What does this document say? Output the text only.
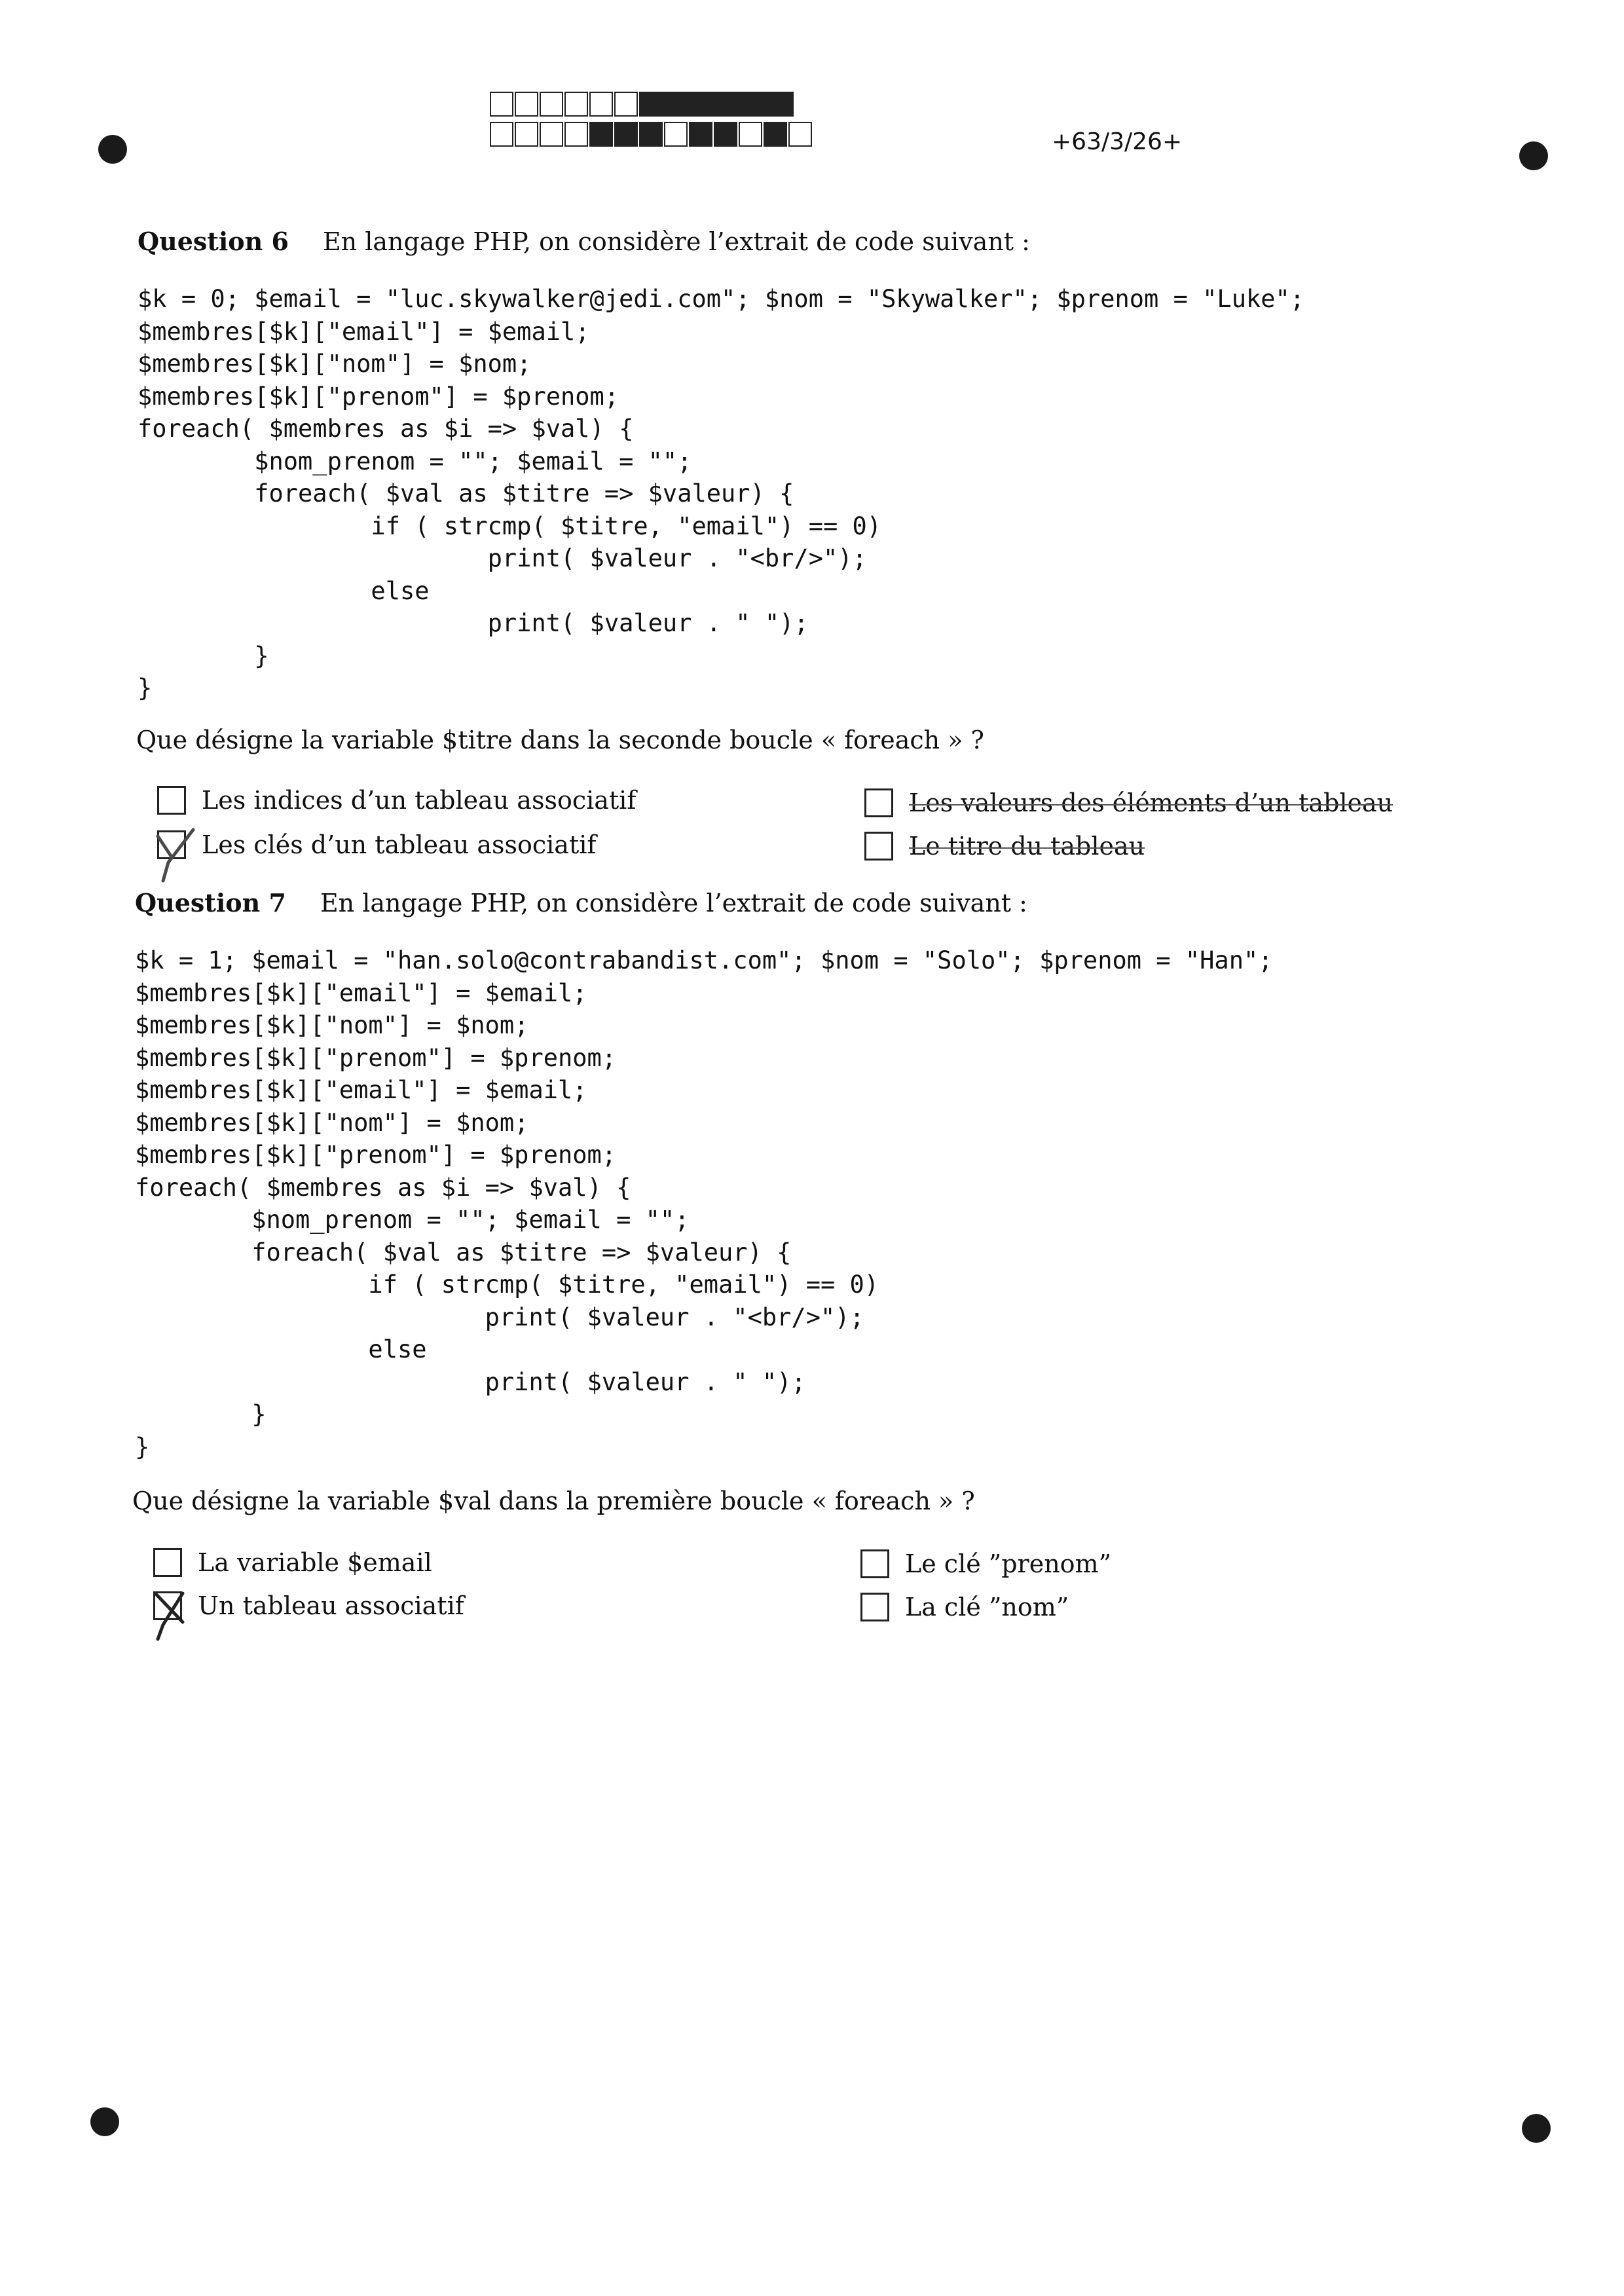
+63/3/26+
Question 6 En langage PHP, on considère l’extrait de code suivant :
$k = 0; $email = "luc.skywalker@jedi.com"; $nom = "Skywalker"; $prenom = "Luke";
$membres[$k]["email"] = $email;
$membres[$k]["nom"] = $nom;
$membres[$k]["prenom"] = $prenom;
foreach( $membres as $i => $val) {
$nom_prenom = ""; $email = "";
foreach( $val as $titre => $valeur) {
if ( strcmp( $titre, "email") == 0)
print( $valeur . "<br/>");
else
print( $valeur . " ");
}
}
Que désigne la variable $titre dans la seconde boucle « foreach » ?
Les indices d’un tableau associatif	Les valeurs des éléments d’un tableau
Les clés d’un tableau associatif	Le titre du tableau
Question 7 En langage PHP, on considère l’extrait de code suivant :
$k = 1; $email = "han.solo@contrabandist.com"; $nom = "Solo"; $prenom = "Han";
$membres[$k]["email"] = $email;
$membres[$k]["nom"] = $nom;
$membres[$k]["prenom"] = $prenom;
$membres[$k]["email"] = $email;
$membres[$k]["nom"] = $nom;
$membres[$k]["prenom"] = $prenom;
foreach( $membres as $i => $val) {
$nom_prenom = ""; $email = "";
foreach( $val as $titre => $valeur) {
if ( strcmp( $titre, "email") == 0)
print( $valeur . "<br/>");
else
print( $valeur . " ");
}
}
Que désigne la variable $val dans la première boucle « foreach » ?
La variable $email	Le clé ”prenom”
Un tableau associatif	La clé ”nom”
